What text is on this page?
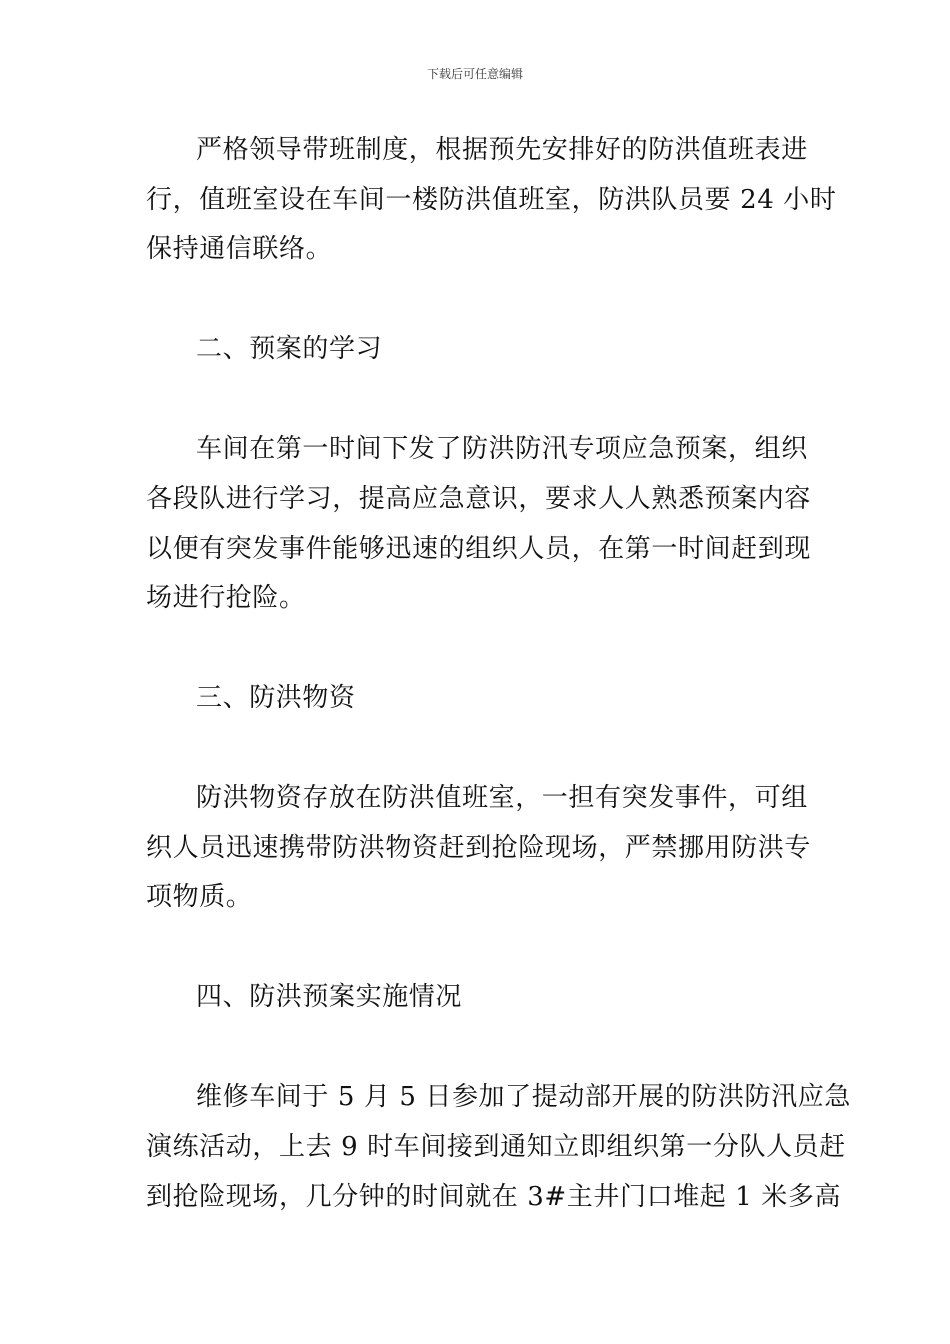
下载后可任意编辑
严格领导带班制度，根据预先安排好的防洪值班表进
行，值班室设在车间一楼防洪值班室，防洪队员要 24 小时
保持通信联络。
二、预案的学习
车间在第一时间下发了防洪防汛专项应急预案，组织
各段队进行学习，提高应急意识，要求人人熟悉预案内容
以便有突发事件能够迅速的组织人员，在第一时间赶到现
场进行抢险。
三、防洪物资
防洪物资存放在防洪值班室，一担有突发事件，可组
织人员迅速携带防洪物资赶到抢险现场，严禁挪用防洪专
项物质。
四、防洪预案实施情况
维修车间于 5 月 5 日参加了提动部开展的防洪防汛应急
演练活动，上去 9 时车间接到通知立即组织第一分队人员赶
到抢险现场，几分钟的时间就在 3#主井门口堆起 1 米多高
